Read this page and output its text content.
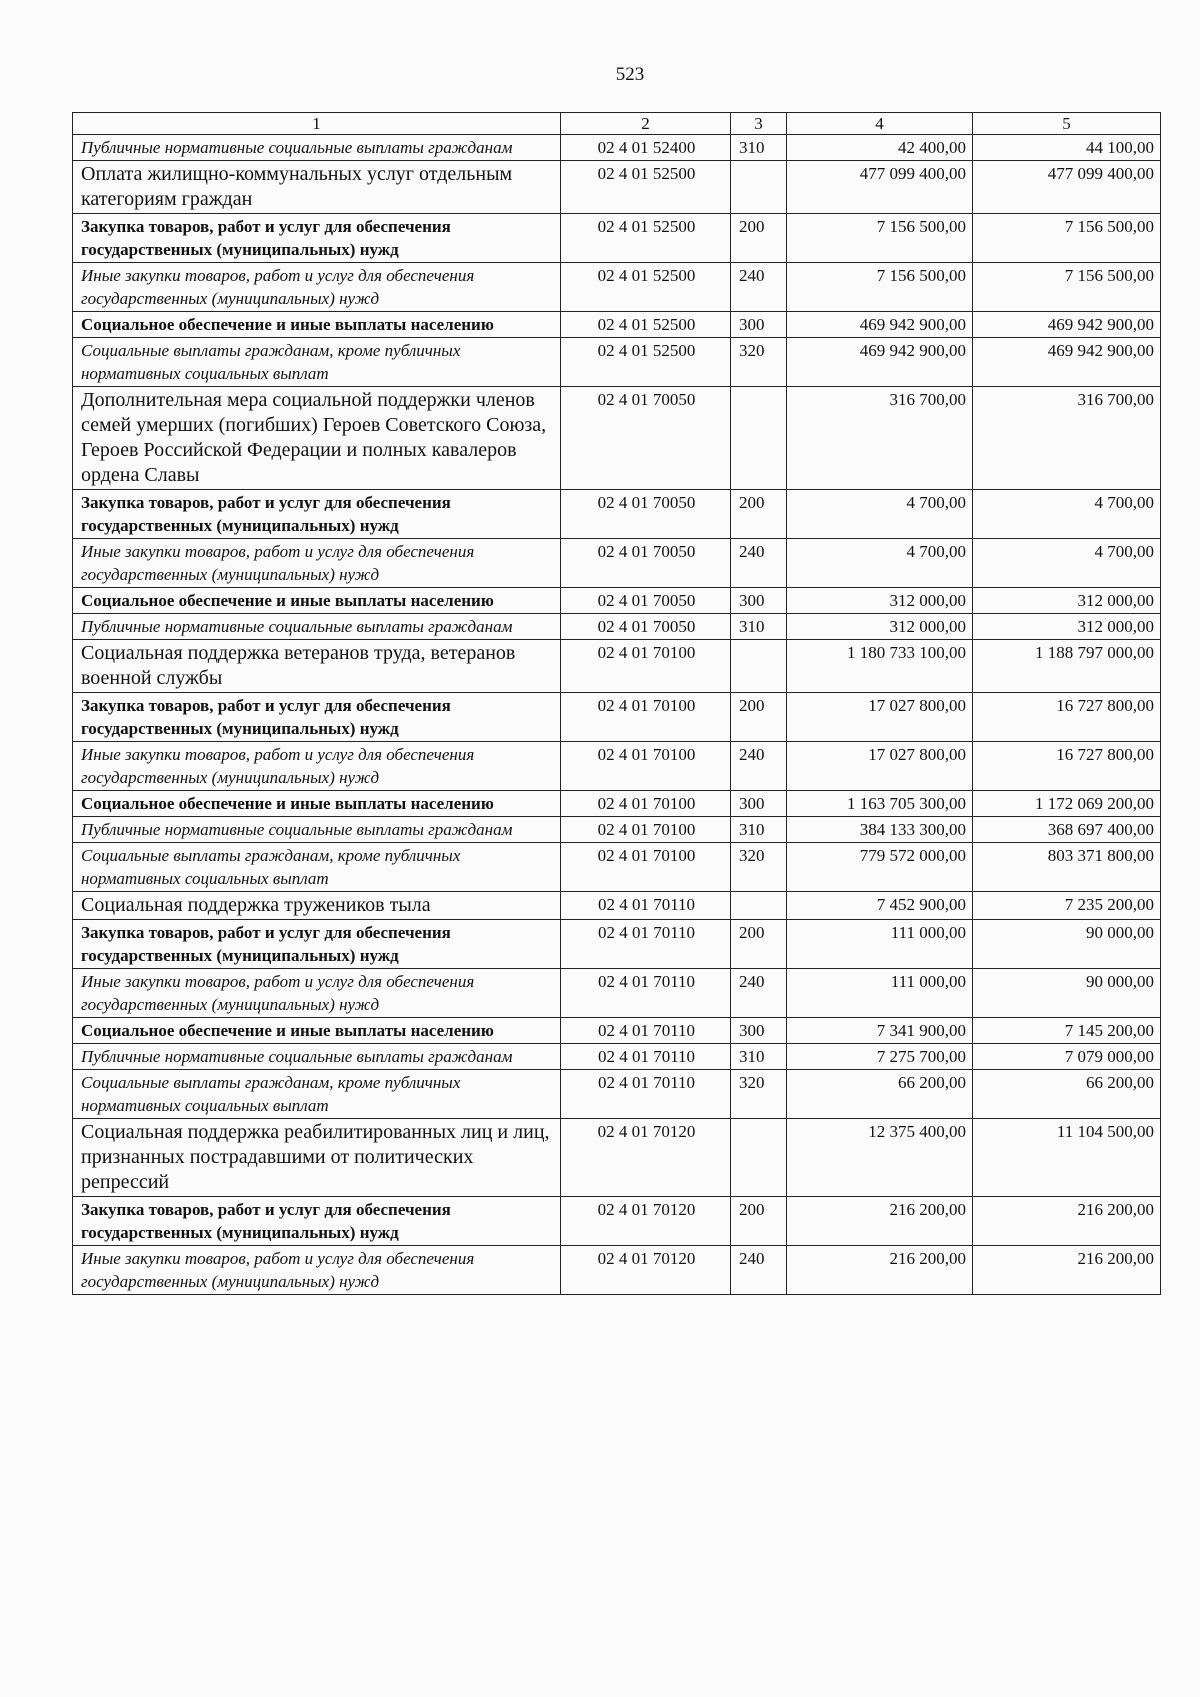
523
1	2	3	4	5
Публичные нормативные социальные выплаты гражданам	02 4 01 52400	310	42 400,00	44 100,00
Оплата жилищно-коммунальных услуг отдельным категориям граждан	02 4 01 52500		477 099 400,00	477 099 400,00
Закупка товаров, работ и услуг для обеспечения государственных (муниципальных) нужд	02 4 01 52500	200	7 156 500,00	7 156 500,00
Иные закупки товаров, работ и услуг для обеспечения государственных (муниципальных) нужд	02 4 01 52500	240	7 156 500,00	7 156 500,00
Социальное обеспечение и иные выплаты населению	02 4 01 52500	300	469 942 900,00	469 942 900,00
Социальные выплаты гражданам, кроме публичных нормативных социальных выплат	02 4 01 52500	320	469 942 900,00	469 942 900,00
Дополнительная мера социальной поддержки членов семей умерших (погибших) Героев Советского Союза, Героев Российской Федерации и полных кавалеров ордена Славы	02 4 01 70050		316 700,00	316 700,00
Закупка товаров, работ и услуг для обеспечения государственных (муниципальных) нужд	02 4 01 70050	200	4 700,00	4 700,00
Иные закупки товаров, работ и услуг для обеспечения государственных (муниципальных) нужд	02 4 01 70050	240	4 700,00	4 700,00
Социальное обеспечение и иные выплаты населению	02 4 01 70050	300	312 000,00	312 000,00
Публичные нормативные социальные выплаты гражданам	02 4 01 70050	310	312 000,00	312 000,00
Социальная поддержка ветеранов труда, ветеранов военной службы	02 4 01 70100		1 180 733 100,00	1 188 797 000,00
Закупка товаров, работ и услуг для обеспечения государственных (муниципальных) нужд	02 4 01 70100	200	17 027 800,00	16 727 800,00
Иные закупки товаров, работ и услуг для обеспечения государственных (муниципальных) нужд	02 4 01 70100	240	17 027 800,00	16 727 800,00
Социальное обеспечение и иные выплаты населению	02 4 01 70100	300	1 163 705 300,00	1 172 069 200,00
Публичные нормативные социальные выплаты гражданам	02 4 01 70100	310	384 133 300,00	368 697 400,00
Социальные выплаты гражданам, кроме публичных нормативных социальных выплат	02 4 01 70100	320	779 572 000,00	803 371 800,00
Социальная поддержка тружеников тыла	02 4 01 70110		7 452 900,00	7 235 200,00
Закупка товаров, работ и услуг для обеспечения государственных (муниципальных) нужд	02 4 01 70110	200	111 000,00	90 000,00
Иные закупки товаров, работ и услуг для обеспечения государственных (муниципальных) нужд	02 4 01 70110	240	111 000,00	90 000,00
Социальное обеспечение и иные выплаты населению	02 4 01 70110	300	7 341 900,00	7 145 200,00
Публичные нормативные социальные выплаты гражданам	02 4 01 70110	310	7 275 700,00	7 079 000,00
Социальные выплаты гражданам, кроме публичных нормативных социальных выплат	02 4 01 70110	320	66 200,00	66 200,00
Социальная поддержка реабилитированных лиц и лиц, признанных пострадавшими от политических репрессий	02 4 01 70120		12 375 400,00	11 104 500,00
Закупка товаров, работ и услуг для обеспечения государственных (муниципальных) нужд	02 4 01 70120	200	216 200,00	216 200,00
Иные закупки товаров, работ и услуг для обеспечения государственных (муниципальных) нужд	02 4 01 70120	240	216 200,00	216 200,00
